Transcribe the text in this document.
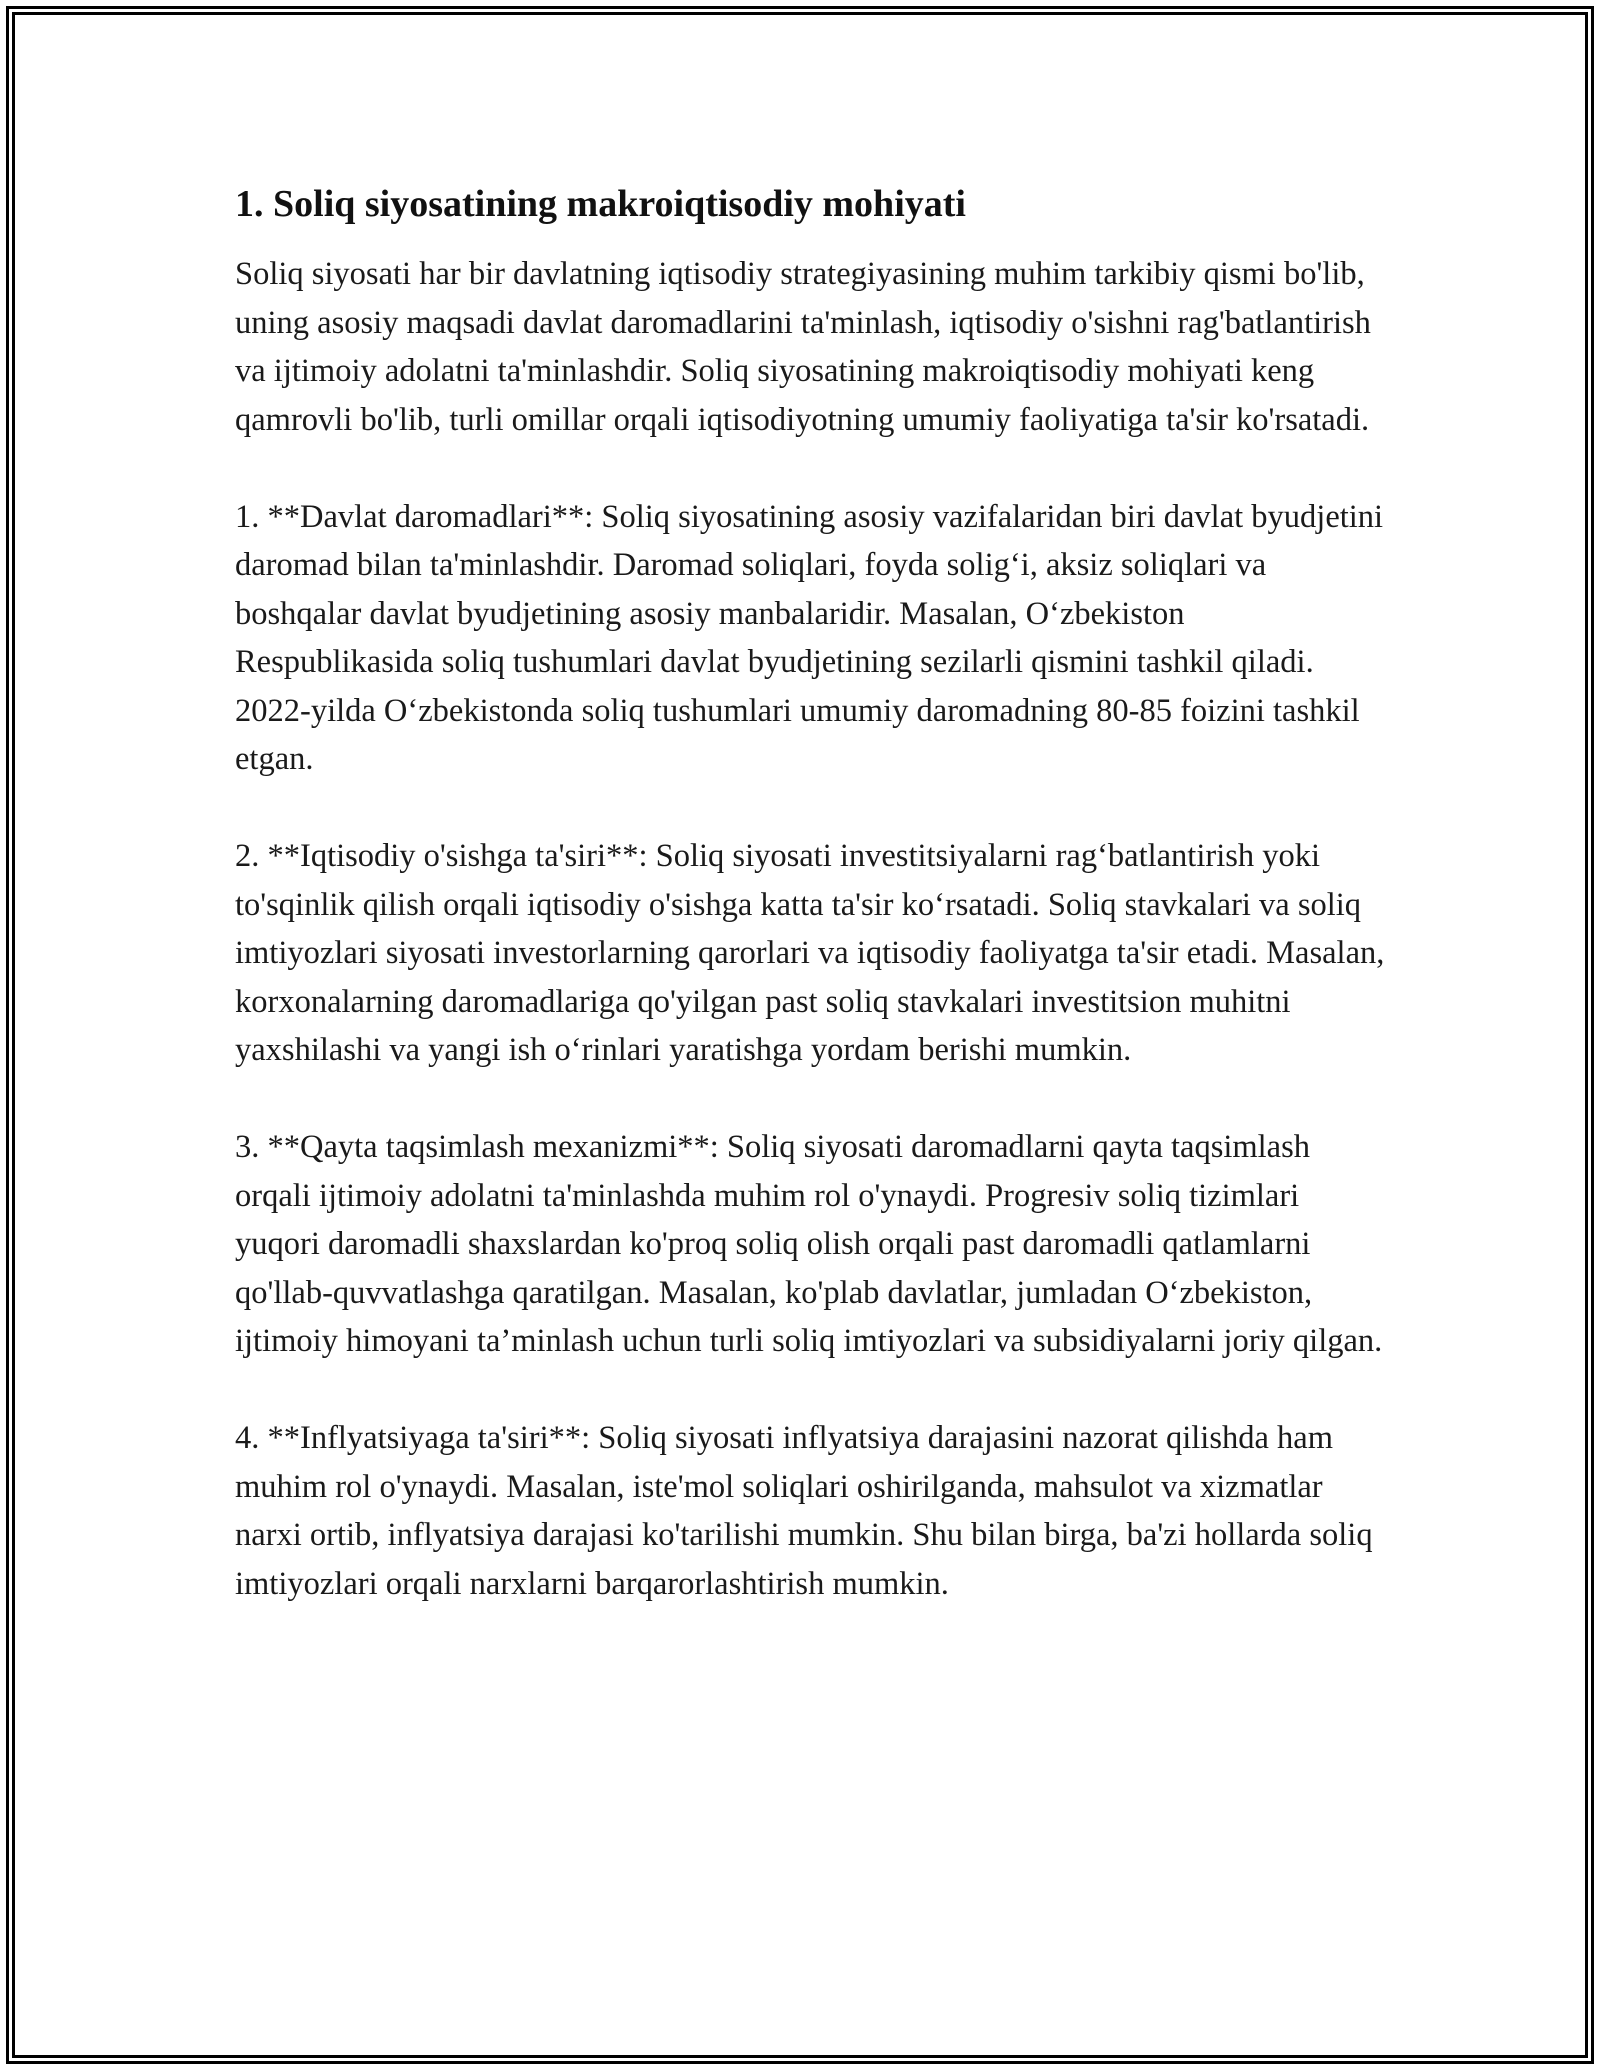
1. Soliq siyosatining makroiqtisodiy mohiyati

Soliq siyosati har bir davlatning iqtisodiy strategiyasining muhim tarkibiy qismi bo'lib, uning asosiy maqsadi davlat daromadlarini ta'minlash, iqtisodiy o'sishni rag'batlantirish va ijtimoiy adolatni ta'minlashdir. Soliq siyosatining makroiqtisodiy mohiyati keng qamrovli bo'lib, turli omillar orqali iqtisodiyotning umumiy faoliyatiga ta'sir ko'rsatadi.

1. **Davlat daromadlari**: Soliq siyosatining asosiy vazifalaridan biri davlat byudjetini daromad bilan ta'minlashdir. Daromad soliqlari, foyda solig‘i, aksiz soliqlari va boshqalar davlat byudjetining asosiy manbalaridir. Masalan, O‘zbekiston Respublikasida soliq tushumlari davlat byudjetining sezilarli qismini tashkil qiladi. 2022-yilda O‘zbekistonda soliq tushumlari umumiy daromadning 80-85 foizini tashkil etgan.

2. **Iqtisodiy o'sishga ta'siri**: Soliq siyosati investitsiyalarni rag‘batlantirish yoki to'sqinlik qilish orqali iqtisodiy o'sishga katta ta'sir ko‘rsatadi. Soliq stavkalari va soliq imtiyozlari siyosati investorlarning qarorlari va iqtisodiy faoliyatga ta'sir etadi. Masalan, korxonalarning daromadlariga qo'yilgan past soliq stavkalari investitsion muhitni yaxshilashi va yangi ish o‘rinlari yaratishga yordam berishi mumkin.

3. **Qayta taqsimlash mexanizmi**: Soliq siyosati daromadlarni qayta taqsimlash orqali ijtimoiy adolatni ta'minlashda muhim rol o'ynaydi. Progresiv soliq tizimlari yuqori daromadli shaxslardan ko'proq soliq olish orqali past daromadli qatlamlarni qo'llab-quvvatlashga qaratilgan. Masalan, ko'plab davlatlar, jumladan O‘zbekiston, ijtimoiy himoyani ta’minlash uchun turli soliq imtiyozlari va subsidiyalarni joriy qilgan.

4. **Inflyatsiyaga ta'siri**: Soliq siyosati inflyatsiya darajasini nazorat qilishda ham muhim rol o'ynaydi. Masalan, iste'mol soliqlari oshirilganda, mahsulot va xizmatlar narxi ortib, inflyatsiya darajasi ko'tarilishi mumkin. Shu bilan birga, ba'zi hollarda soliq imtiyozlari orqali narxlarni barqarorlashtirish mumkin.
